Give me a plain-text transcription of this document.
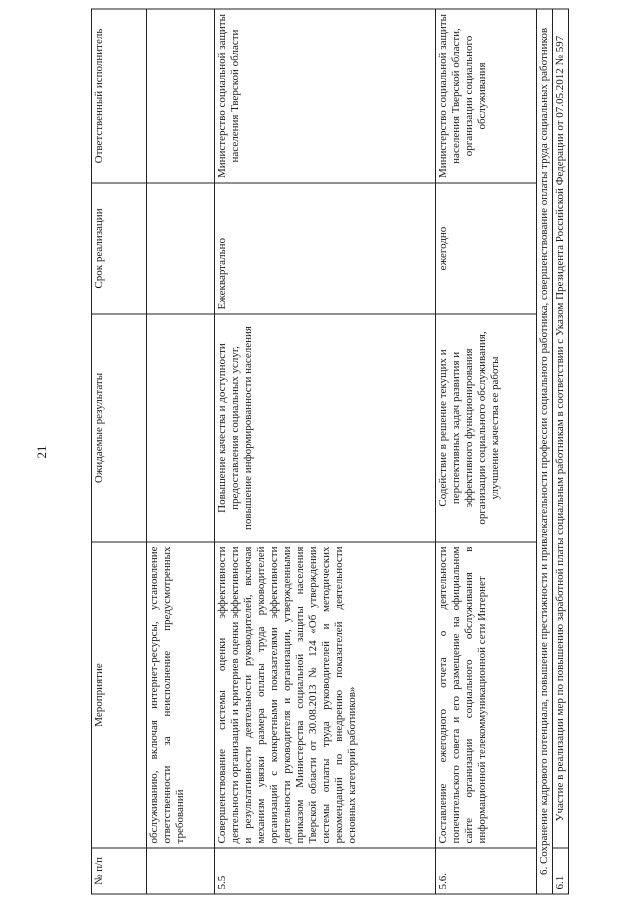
21
№ п/п	Мероприятие	Ожидаемые результаты	Срок реализации	Ответственный исполнитель
	обслуживанию, включая интернет-ресурсы, установление ответственности за неисполнение предусмотренных требований			
5.5	Совершенствование системы оценки эффективности деятельности организаций и критериев оценки эффективности и результативности деятельности руководителей, включая механизм увязки размера оплаты труда руководителей организаций с конкретными показателями эффективности деятельности руководителя и организации, утвержденными приказом Министерства социальной защиты населения Тверской области от 30.08.2013 № 124 «Об утверждении системы оплаты труда руководителей и методических рекомендаций по внедрению показателей деятельности основных категорий работников»	Повышение качества и доступности предоставления социальных услуг, повышение информированности населения	Ежеквартально	Министерство социальной защиты населения Тверской области
5.6.	Составление ежегодного отчета о деятельности попечительского совета и его размещение на официальном сайте организации социального обслуживания в информационной телекоммуникационной сети Интернет	Содействие в решение текущих и перспективных задач развития и эффективного функционирования организации социального обслуживания, улучшение качества ее работы	ежегодно	Министерство социальной защиты населения Тверской области, организации социального обслуживания
6. Сохранение кадрового потенциала, повышение престижности и привлекательности профессии социального работника, совершенствование оплаты труда социальных работников				
6.1	Участие в реализации мер по повышению заработной платы социальным работникам в соответствии с Указом Президента Российской Федерации от 07.05.2012 № 597			
